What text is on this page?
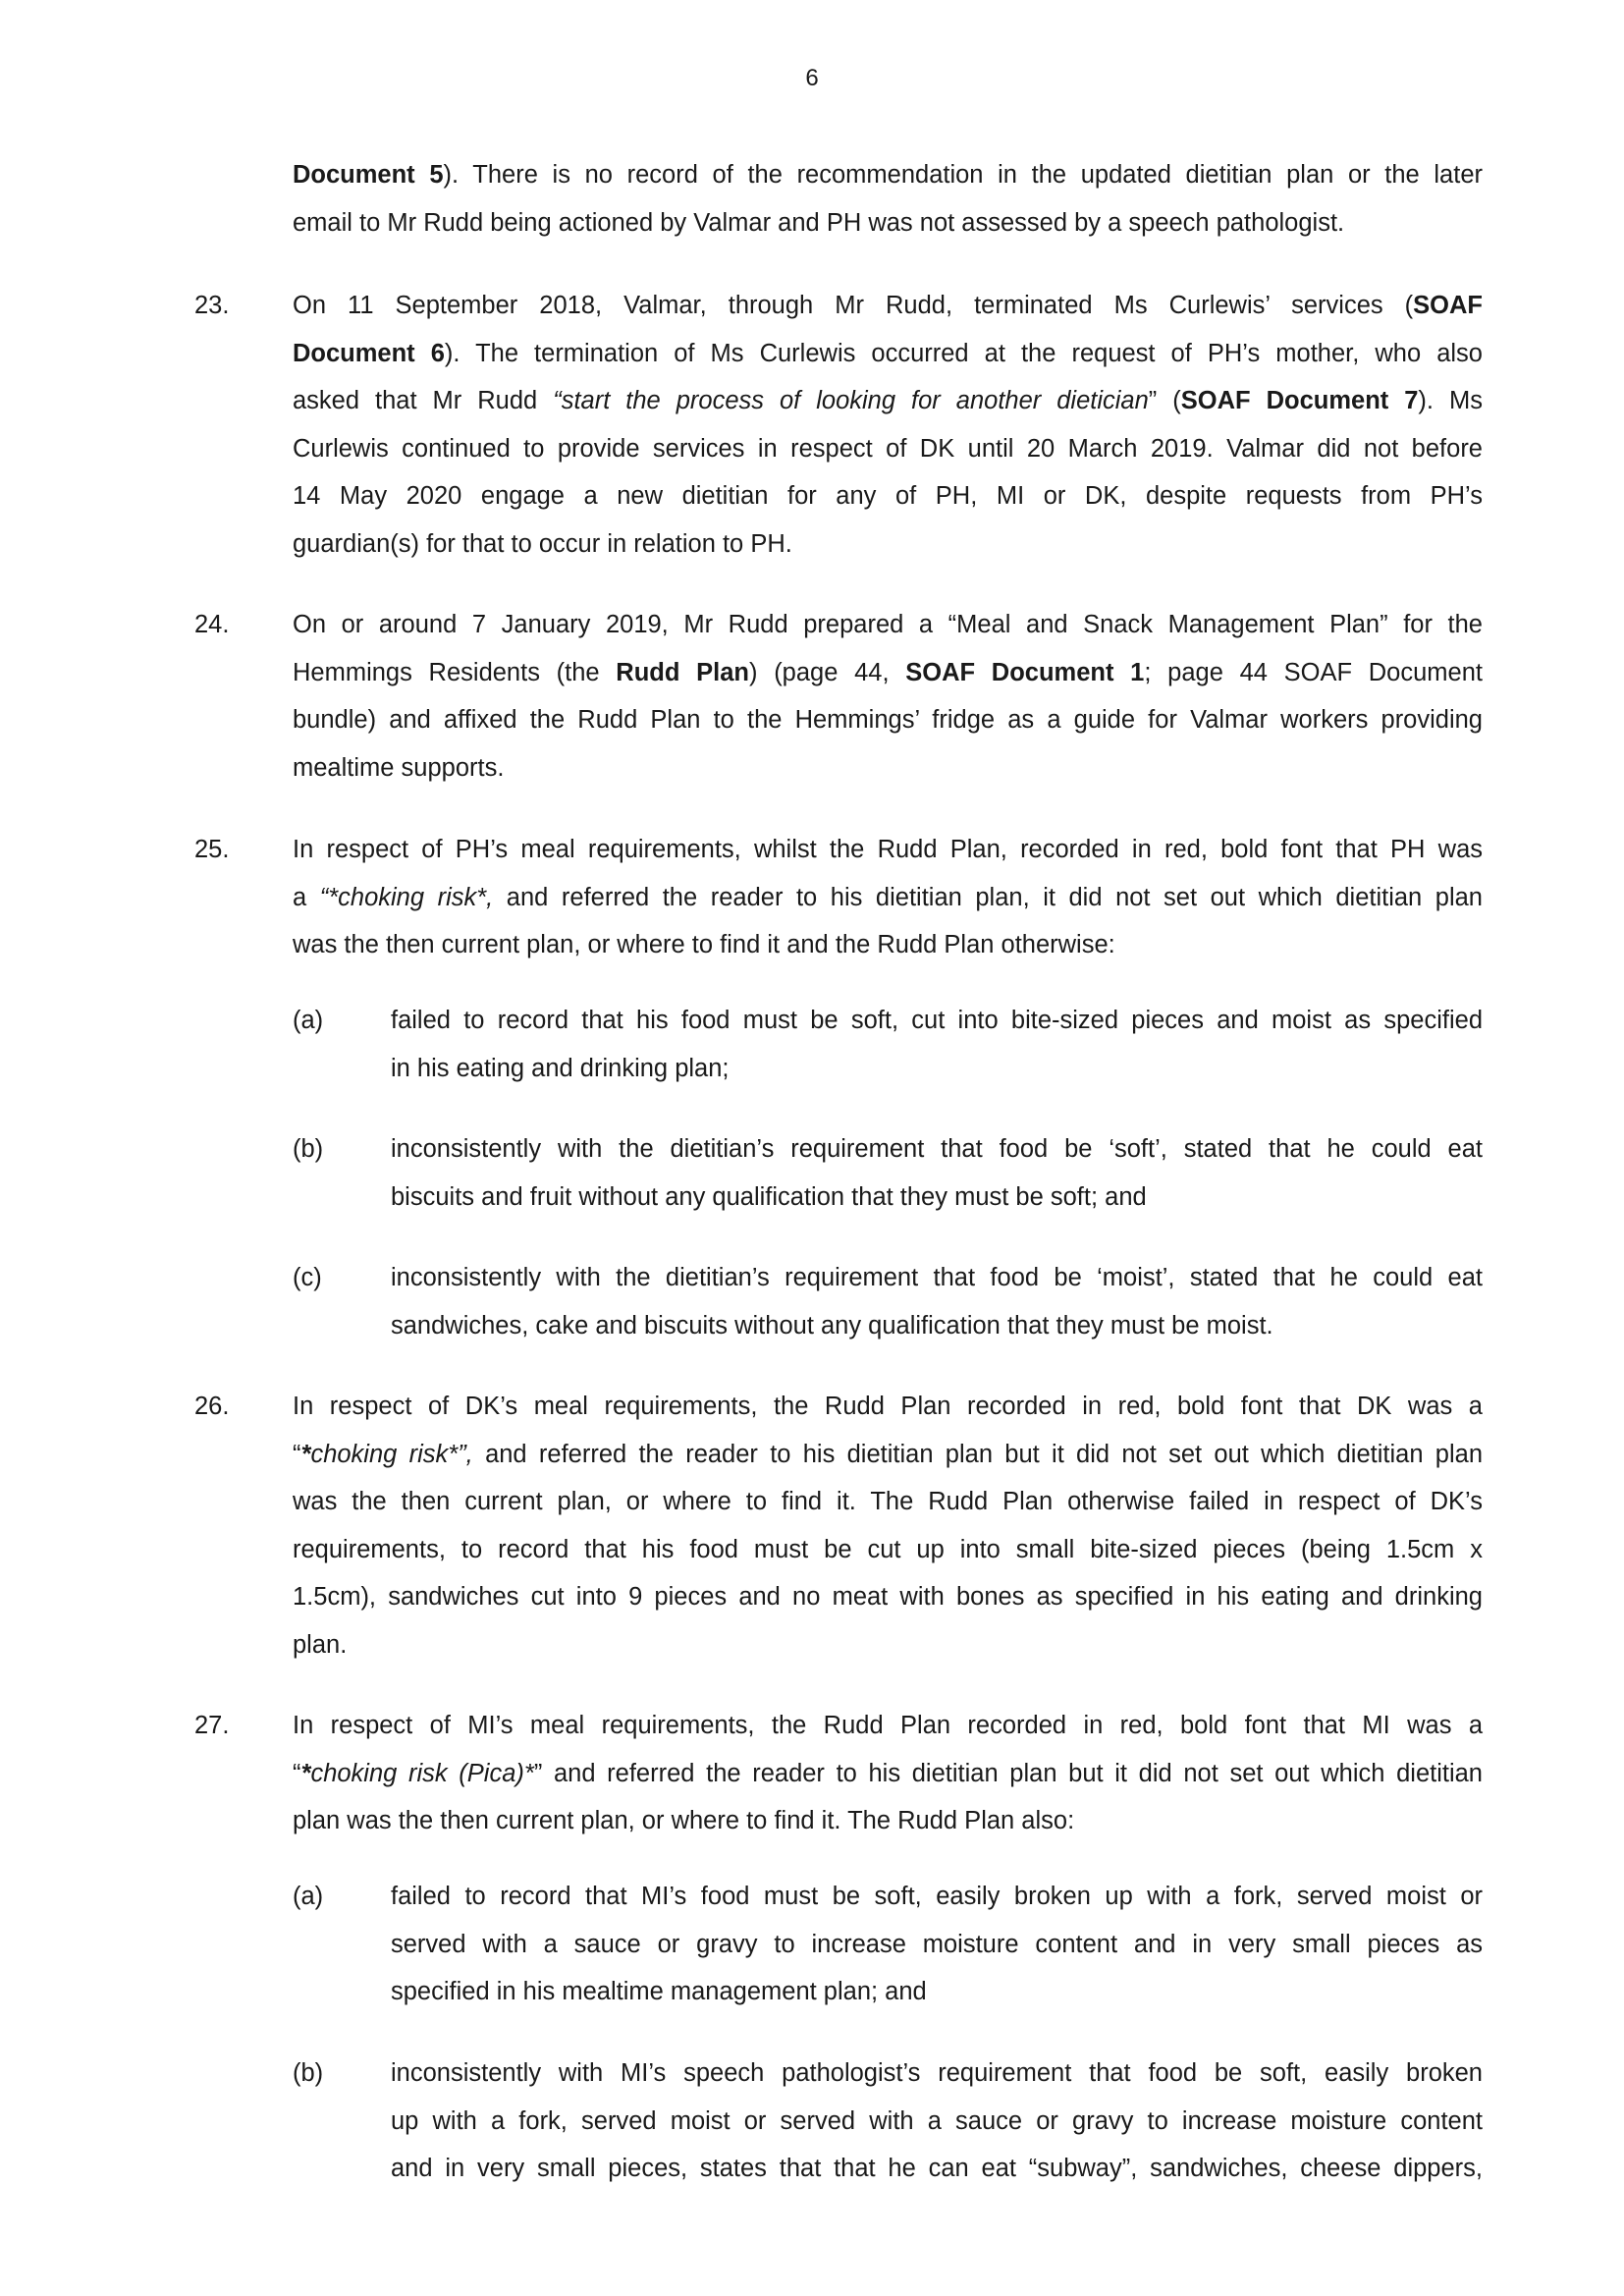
6
Document 5). There is no record of the recommendation in the updated dietitian plan or the later
email to Mr Rudd being actioned by Valmar and PH was not assessed by a speech pathologist.
23.	On 11 September 2018, Valmar, through Mr Rudd, terminated Ms Curlewis’ services (SOAF
Document 6). The termination of Ms Curlewis occurred at the request of PH’s mother, who also
asked that Mr Rudd “start the process of looking for another dietician” (SOAF Document 7). Ms
Curlewis continued to provide services in respect of DK until 20 March 2019. Valmar did not before
14 May 2020 engage a new dietitian for any of PH, MI or DK, despite requests from PH’s
guardian(s) for that to occur in relation to PH.
24.	On or around 7 January 2019, Mr Rudd prepared a “Meal and Snack Management Plan” for the
Hemmings Residents (the Rudd Plan) (page 44, SOAF Document 1; page 44 SOAF Document
bundle) and affixed the Rudd Plan to the Hemmings’ fridge as a guide for Valmar workers providing
mealtime supports.
25.	In respect of PH’s meal requirements, whilst the Rudd Plan, recorded in red, bold font that PH was
a “*choking risk*, and referred the reader to his dietitian plan, it did not set out which dietitian plan
was the then current plan, or where to find it and the Rudd Plan otherwise:
(a)	failed to record that his food must be soft, cut into bite-sized pieces and moist as specified
in his eating and drinking plan;
(b)	inconsistently with the dietitian’s requirement that food be ‘soft’, stated that he could eat
biscuits and fruit without any qualification that they must be soft; and
(c)	inconsistently with the dietitian’s requirement that food be ‘moist’, stated that he could eat
sandwiches, cake and biscuits without any qualification that they must be moist.
26.	In respect of DK’s meal requirements, the Rudd Plan recorded in red, bold font that DK was a
“*choking risk*”, and referred the reader to his dietitian plan but it did not set out which dietitian plan
was the then current plan, or where to find it. The Rudd Plan otherwise failed in respect of DK’s
requirements, to record that his food must be cut up into small bite-sized pieces (being 1.5cm x
1.5cm), sandwiches cut into 9 pieces and no meat with bones as specified in his eating and drinking
plan.
27.	In respect of MI’s meal requirements, the Rudd Plan recorded in red, bold font that MI was a
“*choking risk (Pica)*” and referred the reader to his dietitian plan but it did not set out which dietitian
plan was the then current plan, or where to find it. The Rudd Plan also:
(a)	failed to record that MI’s food must be soft, easily broken up with a fork, served moist or
served with a sauce or gravy to increase moisture content and in very small pieces as
specified in his mealtime management plan; and
(b)	inconsistently with MI’s speech pathologist’s requirement that food be soft, easily broken
up with a fork, served moist or served with a sauce or gravy to increase moisture content
and in very small pieces, states that that he can eat “subway”, sandwiches, cheese dippers,
